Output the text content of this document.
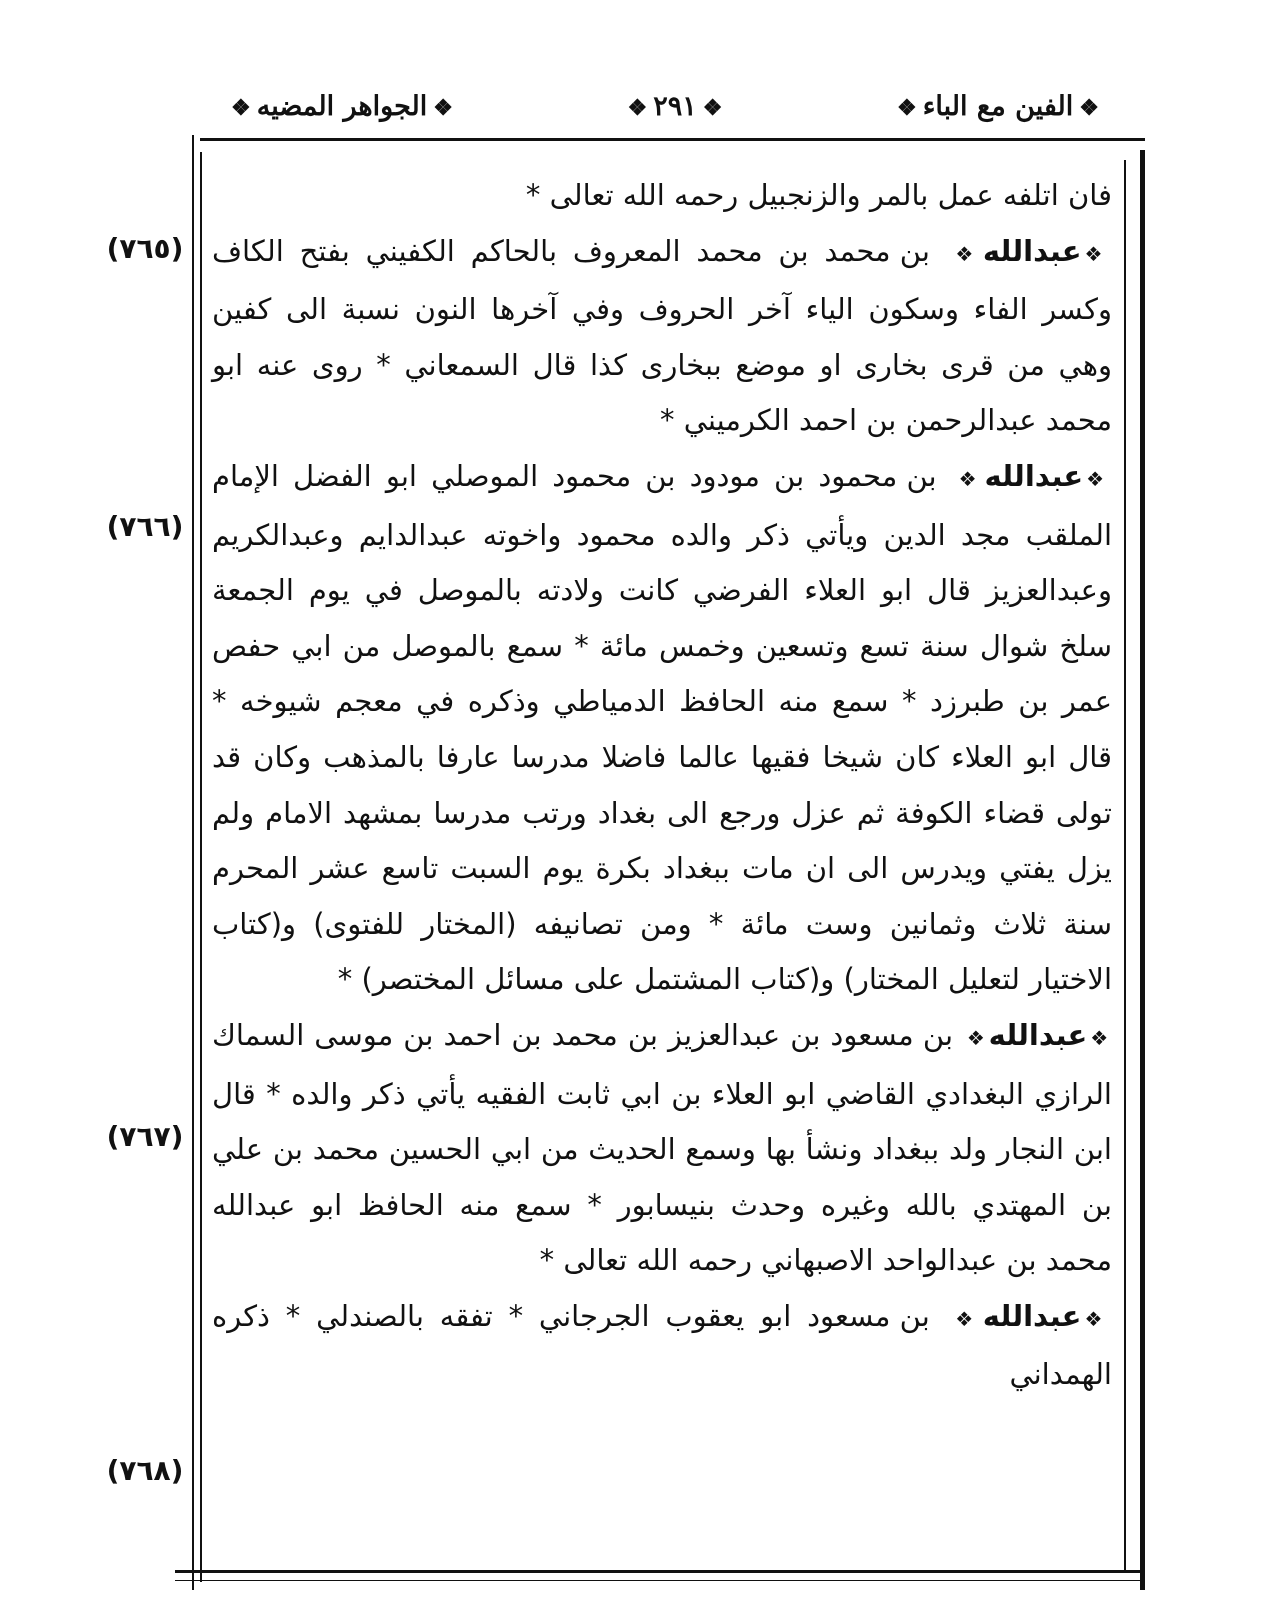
❖الفين مع الباء❖
❖٢٩١❖
❖الجواهر المضيه❖
(٧٦٥)
(٧٦٦)
(٧٦٧)
(٧٦٨)

فان اتلفه عمل بالمر والزنجبيل رحمه الله تعالى *

❖عبدالله❖ بن محمد بن محمد المعروف بالحاكم الكفيني بفتح الكاف وكسر الفاء وسكون الياء آخر الحروف وفي آخرها النون نسبة الى كفين وهي من قرى بخارى او موضع ببخارى كذا قال السمعاني * روى عنه ابو محمد عبدالرحمن بن احمد الكرميني *

❖عبدالله❖ بن محمود بن مودود بن محمود الموصلي ابو الفضل الإمام الملقب مجد الدين ويأتي ذكر والده محمود واخوته عبدالدايم وعبدالكريم وعبدالعزيز قال ابو العلاء الفرضي كانت ولادته بالموصل في يوم الجمعة سلخ شوال سنة تسع وتسعين وخمس مائة * سمع بالموصل من ابي حفص عمر بن طبرزد * سمع منه الحافظ الدمياطي وذكره في معجم شيوخه * قال ابو العلاء كان شيخا فقيها عالما فاضلا مدرسا عارفا بالمذهب وكان قد تولى قضاء الكوفة ثم عزل ورجع الى بغداد ورتب مدرسا بمشهد الامام ولم يزل يفتي ويدرس الى ان مات ببغداد بكرة يوم السبت تاسع عشر المحرم سنة ثلاث وثمانين وست مائة * ومن تصانيفه (المختار للفتوى) و(كتاب الاختيار لتعليل المختار) و(كتاب المشتمل على مسائل المختصر) *

❖عبدالله❖ بن مسعود بن عبدالعزيز بن محمد بن احمد بن موسى السماك الرازي البغدادي القاضي ابو العلاء بن ابي ثابت الفقيه يأتي ذكر والده * قال ابن النجار ولد ببغداد ونشأ بها وسمع الحديث من ابي الحسين محمد بن علي بن المهتدي بالله وغيره وحدث بنيسابور * سمع منه الحافظ ابو عبدالله محمد بن عبدالواحد الاصبهاني رحمه الله تعالى *

❖عبدالله❖ بن مسعود ابو يعقوب الجرجاني * تفقه بالصندلي * ذكره الهمداني
